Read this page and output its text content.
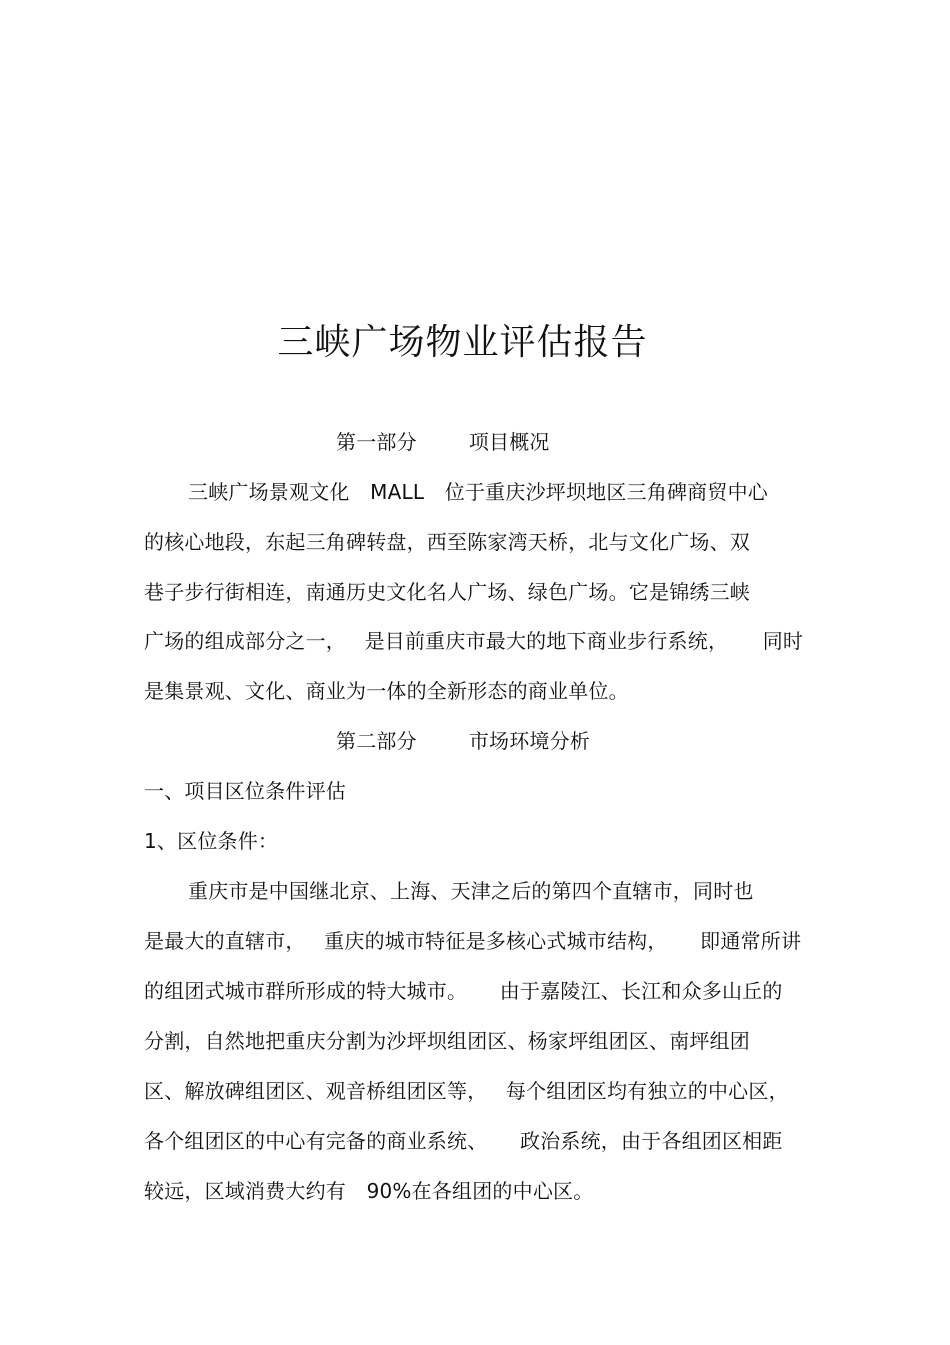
三峡广场物业评估报告
第一部分	项目概况
三峡广场景观文化 MALL 位于重庆沙坪坝地区三角碑商贸中心
的核心地段，东起三角碑转盘，西至陈家湾天桥，北与文化广场、双
巷子步行街相连，南通历史文化名人广场、绿色广场。它是锦绣三峡
广场的组成部分之一， 是目前重庆市最大的地下商业步行系统， 同时
是集景观、文化、商业为一体的全新形态的商业单位。
第二部分	市场环境分析
一、项目区位条件评估
1、区位条件：
重庆市是中国继北京、上海、天津之后的第四个直辖市，同时也
是最大的直辖市， 重庆的城市特征是多核心式城市结构， 即通常所讲
的组团式城市群所形成的特大城市。 由于嘉陵江、长江和众多山丘的
分割，自然地把重庆分割为沙坪坝组团区、杨家坪组团区、南坪组团
区、解放碑组团区、观音桥组团区等， 每个组团区均有独立的中心区，
各个组团区的中心有完备的商业系统、 政治系统，由于各组团区相距
较远，区域消费大约有 90%在各组团的中心区。
